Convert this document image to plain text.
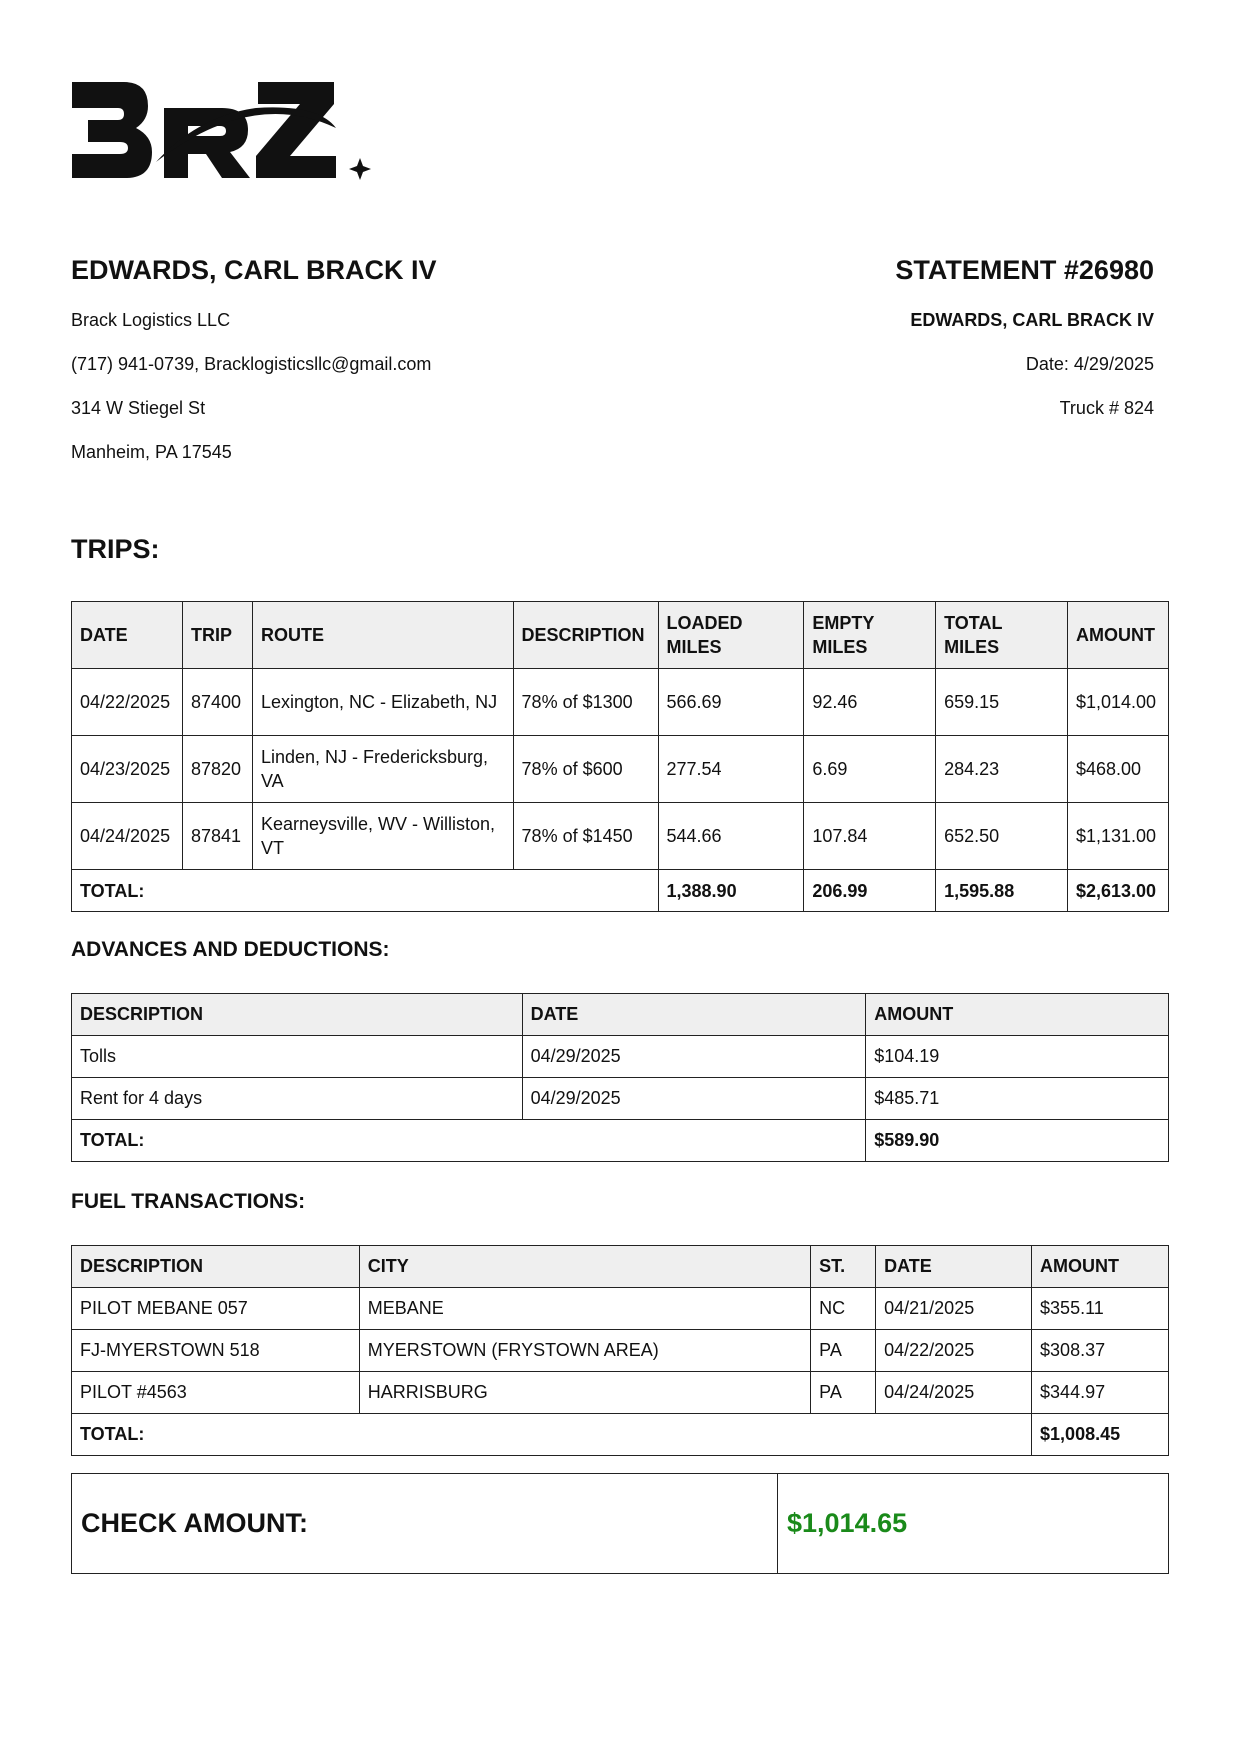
EDWARDS, CARL BRACK IV

Brack Logistics LLC

(717) 941-0739, Bracklogisticsllc@gmail.com

314 W Stiegel St

Manheim, PA 17545

STATEMENT #26980

EDWARDS, CARL BRACK IV

Date: 4/29/2025

Truck # 824

TRIPS:
DATE	TRIP	ROUTE	DESCRIPTION	LOADED MILES	EMPTY MILES	TOTAL MILES	AMOUNT
04/22/2025	87400	Lexington, NC - Elizabeth, NJ	78% of $1300	566.69	92.46	659.15	$1,014.00
04/23/2025	87820	Linden, NJ - Fredericksburg, VA	78% of $600	277.54	6.69	284.23	$468.00
04/24/2025	87841	Kearneysville, WV - Williston, VT	78% of $1450	544.66	107.84	652.50	$1,131.00
TOTAL:				1,388.90	206.99	1,595.88	$2,613.00
ADVANCES AND DEDUCTIONS:
DESCRIPTION	DATE	AMOUNT
Tolls	04/29/2025	$104.19
Rent for 4 days	04/29/2025	$485.71
TOTAL:		$589.90
FUEL TRANSACTIONS:
DESCRIPTION	CITY	ST.	DATE	AMOUNT
PILOT MEBANE 057	MEBANE	NC	04/21/2025	$355.11
FJ-MYERSTOWN 518	MYERSTOWN (FRYSTOWN AREA)	PA	04/22/2025	$308.37
PILOT #4563	HARRISBURG	PA	04/24/2025	$344.97
TOTAL:				$1,008.45
CHECK AMOUNT:	$1,014.65
